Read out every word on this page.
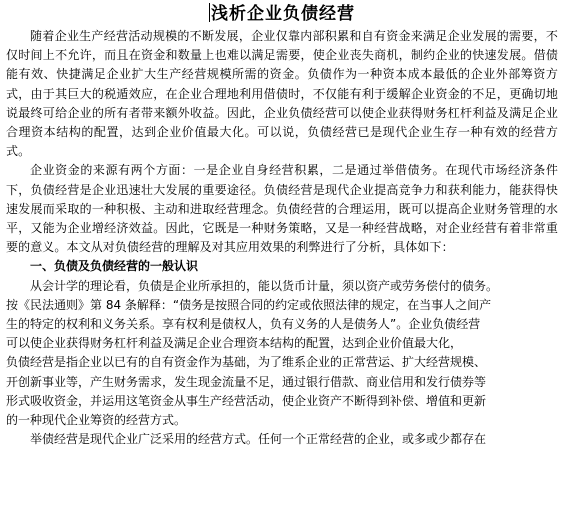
浅析企业负债经营

随着企业生产经营活动规模的不断发展，企业仅靠内部积累和自有资金来满足企业发展的需要，不仅时间上不允许，而且在资金和数量上也难以满足需要，使企业丧失商机，制约企业的快速发展。借债能有效、快捷满足企业扩大生产经营规模所需的资金。负债作为一种资本成本最低的企业外部筹资方式，由于其巨大的税遁效应，在企业合理地利用借债时，不仅能有利于缓解企业资金的不足，更确切地说最终可给企业的所有者带来额外收益。因此，企业负债经营可以使企业获得财务杠杆利益及满足企业合理资本结构的配置，达到企业价值最大化。可以说，负债经营已是现代企业生存一种有效的经营方式。

企业资金的来源有两个方面：一是企业自身经营积累，二是通过举借债务。在现代市场经济条件下，负债经营是企业迅速壮大发展的重要途径。负债经营是现代企业提高竞争力和获利能力，能获得快速发展而采取的一种积极、主动和进取经营理念。负债经营的合理运用，既可以提高企业财务管理的水平，又能为企业增经济效益。因此，它既是一种财务策略，又是一种经营战略，对企业经营有着非常重要的意义。本文从对负债经营的理解及对其应用效果的利弊进行了分析，具体如下：

一、负债及负债经营的一般认识

从会计学的理论看，负债是企业所承担的，能以货币计量，须以资产或劳务偿付的债务。
按《民法通则》第 84 条解释：“债务是按照合同的约定或依照法律的规定，在当事人之间产
生的特定的权利和义务关系。享有权利是债权人，负有义务的人是债务人”。企业负债经营
可以使企业获得财务杠杆利益及满足企业合理资本结构的配置，达到企业价值最大化，
负债经营是指企业以已有的自有资金作为基础，为了维系企业的正常营运、扩大经营规模、
开创新事业等，产生财务需求，发生现金流量不足，通过银行借款、商业信用和发行债券等
形式吸收资金，并运用这笔资金从事生产经营活动，使企业资产不断得到补偿、增值和更新
的一种现代企业筹资的经营方式。
举债经营是现代企业广泛采用的经营方式。任何一个正常经营的企业，或多或少都存在
